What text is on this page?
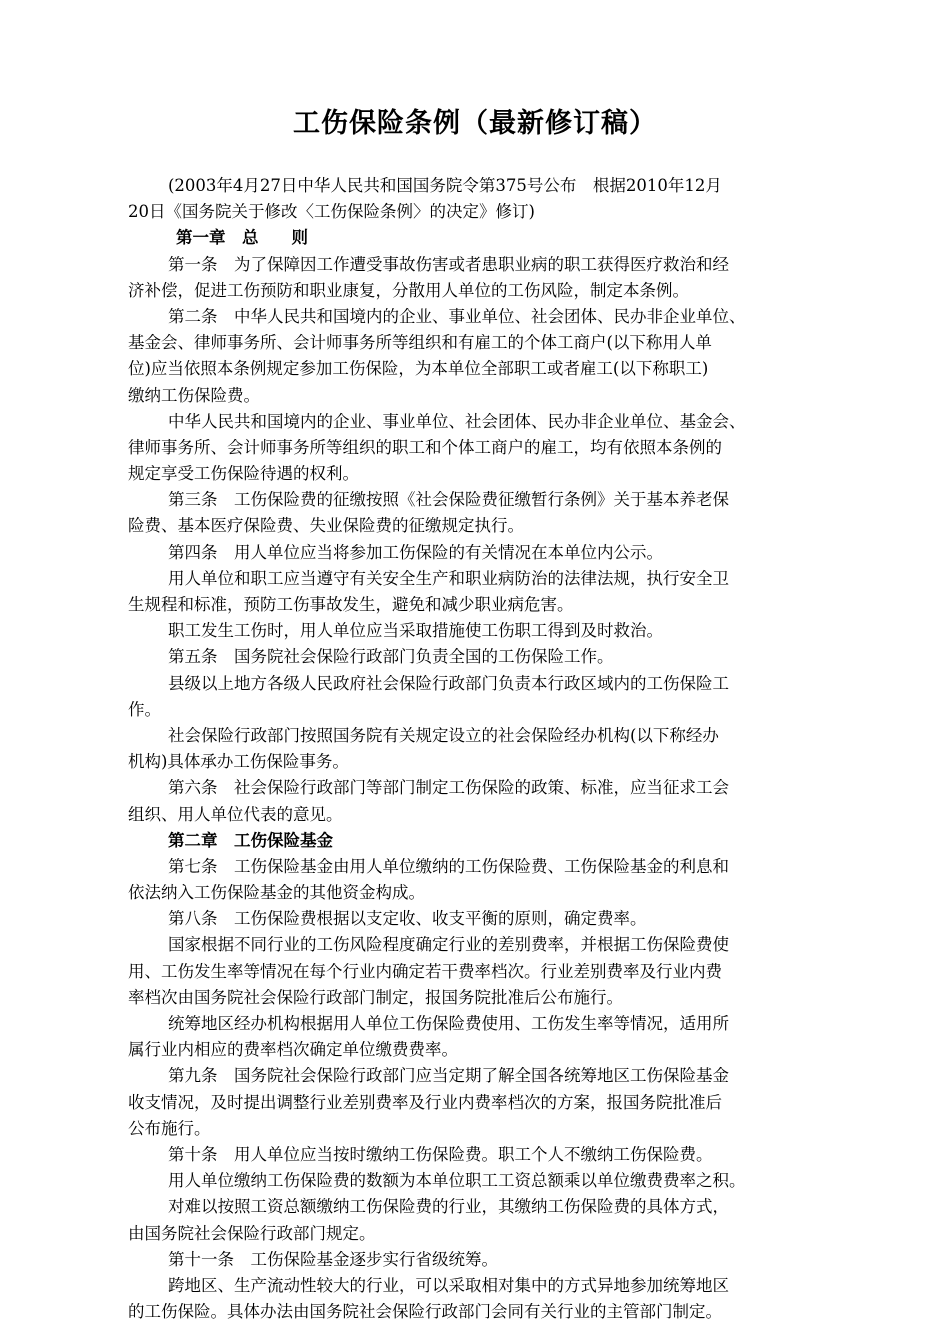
工伤保险条例（最新修订稿）
(2003年4月27日中华人民共和国国务院令第375号公布　根据2010年12月
20日《国务院关于修改〈工伤保险条例〉的决定》修订)
第一章　总　　则
第一条　为了保障因工作遭受事故伤害或者患职业病的职工获得医疗救治和经
济补偿，促进工伤预防和职业康复，分散用人单位的工伤风险，制定本条例。
第二条　中华人民共和国境内的企业、事业单位、社会团体、民办非企业单位、
基金会、律师事务所、会计师事务所等组织和有雇工的个体工商户(以下称用人单
位)应当依照本条例规定参加工伤保险，为本单位全部职工或者雇工(以下称职工)
缴纳工伤保险费。
中华人民共和国境内的企业、事业单位、社会团体、民办非企业单位、基金会、
律师事务所、会计师事务所等组织的职工和个体工商户的雇工，均有依照本条例的
规定享受工伤保险待遇的权利。
第三条　工伤保险费的征缴按照《社会保险费征缴暂行条例》关于基本养老保
险费、基本医疗保险费、失业保险费的征缴规定执行。
第四条　用人单位应当将参加工伤保险的有关情况在本单位内公示。
用人单位和职工应当遵守有关安全生产和职业病防治的法律法规，执行安全卫
生规程和标准，预防工伤事故发生，避免和减少职业病危害。
职工发生工伤时，用人单位应当采取措施使工伤职工得到及时救治。
第五条　国务院社会保险行政部门负责全国的工伤保险工作。
县级以上地方各级人民政府社会保险行政部门负责本行政区域内的工伤保险工
作。
社会保险行政部门按照国务院有关规定设立的社会保险经办机构(以下称经办
机构)具体承办工伤保险事务。
第六条　社会保险行政部门等部门制定工伤保险的政策、标准，应当征求工会
组织、用人单位代表的意见。
第二章　工伤保险基金
第七条　工伤保险基金由用人单位缴纳的工伤保险费、工伤保险基金的利息和
依法纳入工伤保险基金的其他资金构成。
第八条　工伤保险费根据以支定收、收支平衡的原则，确定费率。
国家根据不同行业的工伤风险程度确定行业的差别费率，并根据工伤保险费使
用、工伤发生率等情况在每个行业内确定若干费率档次。行业差别费率及行业内费
率档次由国务院社会保险行政部门制定，报国务院批准后公布施行。
统筹地区经办机构根据用人单位工伤保险费使用、工伤发生率等情况，适用所
属行业内相应的费率档次确定单位缴费费率。
第九条　国务院社会保险行政部门应当定期了解全国各统筹地区工伤保险基金
收支情况，及时提出调整行业差别费率及行业内费率档次的方案，报国务院批准后
公布施行。
第十条　用人单位应当按时缴纳工伤保险费。职工个人不缴纳工伤保险费。
用人单位缴纳工伤保险费的数额为本单位职工工资总额乘以单位缴费费率之积。
对难以按照工资总额缴纳工伤保险费的行业，其缴纳工伤保险费的具体方式，
由国务院社会保险行政部门规定。
第十一条　工伤保险基金逐步实行省级统筹。
跨地区、生产流动性较大的行业，可以采取相对集中的方式异地参加统筹地区
的工伤保险。具体办法由国务院社会保险行政部门会同有关行业的主管部门制定。
